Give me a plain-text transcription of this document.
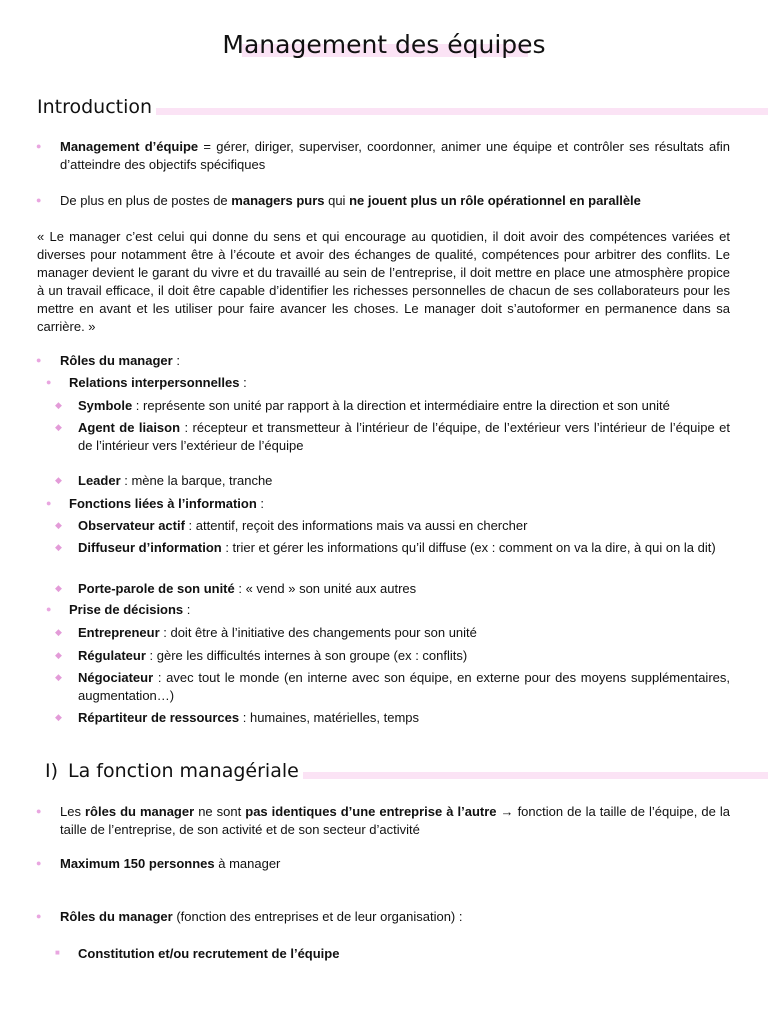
Management des équipes
Introduction
● Management d’équipe = gérer, diriger, superviser, coordonner, animer une équipe et contrôler ses résultats afin d’atteindre des objectifs spécifiques
● De plus en plus de postes de managers purs qui ne jouent plus un rôle opérationnel en parallèle
« Le manager c’est celui qui donne du sens et qui encourage au quotidien, il doit avoir des compétences variées et diverses pour notamment être à l’écoute et avoir des échanges de qualité, compétences pour arbitrer des conflits. Le manager devient le garant du vivre et du travaillé au sein de l’entreprise, il doit mettre en place une atmosphère propice à un travail efficace, il doit être capable d’identifier les richesses personnelles de chacun de ses collaborateurs pour les mettre en avant et les utiliser pour faire avancer les choses. Le manager doit s’autoformer en permanence dans sa carrière. »
● Rôles du manager :
● Relations interpersonnelles :
◆ Symbole : représente son unité par rapport à la direction et intermédiaire entre la direction et son unité
◆ Agent de liaison : récepteur et transmetteur à l’intérieur de l’équipe, de l’extérieur vers l’intérieur de l’équipe et de l’intérieur vers l’extérieur de l’équipe
◆ Leader : mène la barque, tranche
● Fonctions liées à l’information :
◆ Observateur actif : attentif, reçoit des informations mais va aussi en chercher
◆ Diffuseur d’information : trier et gérer les informations qu’il diffuse (ex : comment on va la dire, à qui on la dit)
◆ Porte-parole de son unité : « vend » son unité aux autres
● Prise de décisions :
◆ Entrepreneur : doit être à l’initiative des changements pour son unité
◆ Régulateur : gère les difficultés internes à son groupe (ex : conflits)
◆ Négociateur : avec tout le monde (en interne avec son équipe, en externe pour des moyens supplémentaires, augmentation…)
◆ Répartiteur de ressources : humaines, matérielles, temps
I) La fonction managériale
● Les rôles du manager ne sont pas identiques d’une entreprise à l’autre → fonction de la taille de l’équipe, de la taille de l’entreprise, de son activité et de son secteur d’activité
● Maximum 150 personnes à manager
● Rôles du manager (fonction des entreprises et de leur organisation) :
■ Constitution et/ou recrutement de l’équipe
